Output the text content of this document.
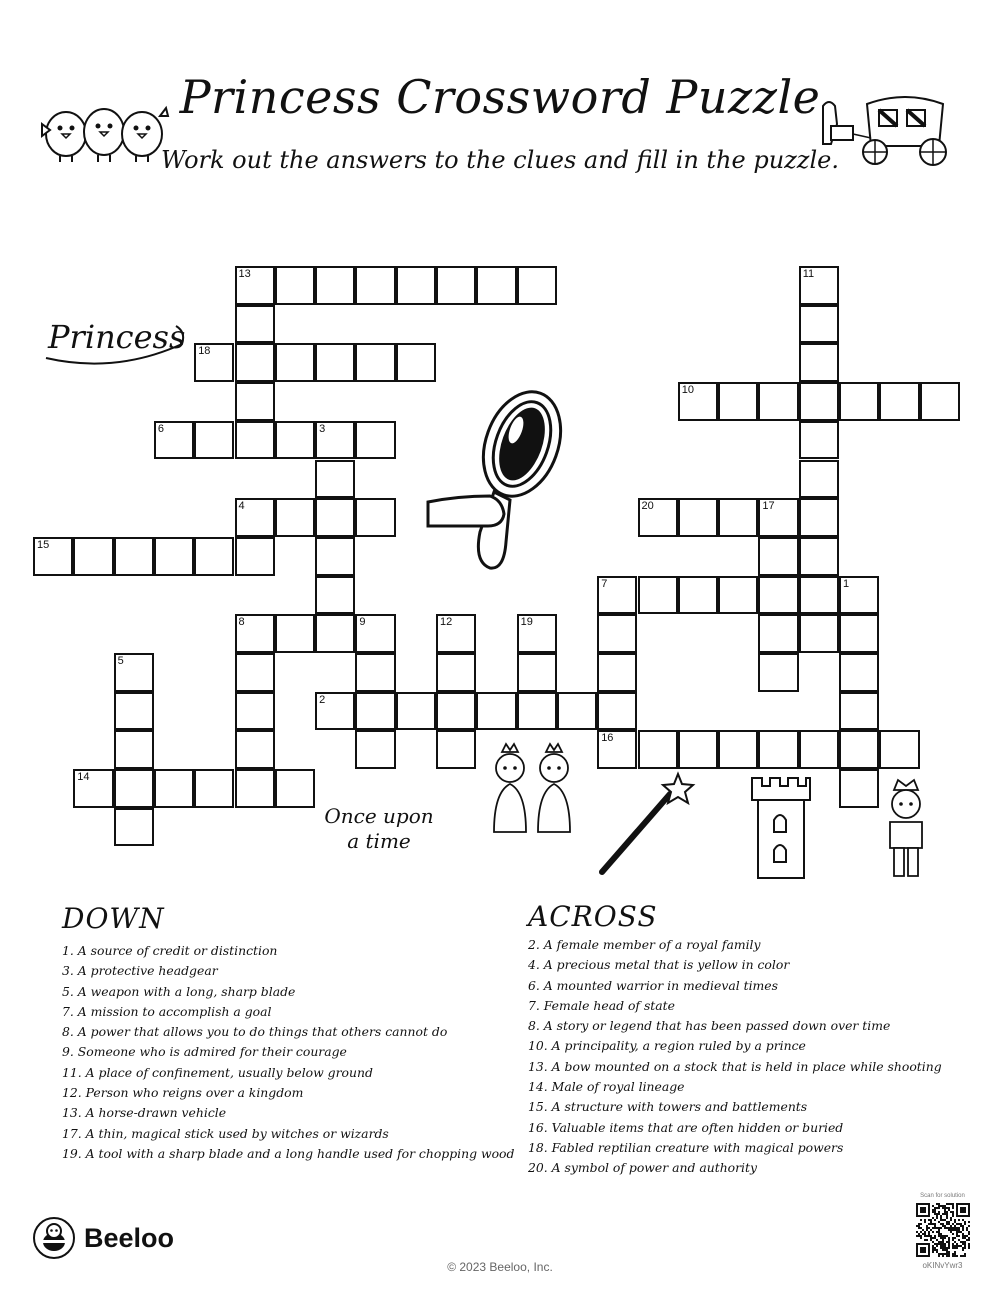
Princess Crossword Puzzle
Work out the answers to the clues and fill in the puzzle.
Princess
13	11
18
10
6	3
4	20	17
15
7	1
8	9	12	19
5
2
16
14
Once upon
a time
DOWN
1. A source of credit or distinction
3. A protective headgear
5. A weapon with a long, sharp blade
7. A mission to accomplish a goal
8. A power that allows you to do things that others cannot do
9. Someone who is admired for their courage
11. A place of confinement, usually below ground
12. Person who reigns over a kingdom
13. A horse-drawn vehicle
17. A thin, magical stick used by witches or wizards
19. A tool with a sharp blade and a long handle used for chopping wood
ACROSS
2. A female member of a royal family
4. A precious metal that is yellow in color
6. A mounted warrior in medieval times
7. Female head of state
8. A story or legend that has been passed down over time
10. A principality, a region ruled by a prince
13. A bow mounted on a stock that is held in place while shooting
14. Male of royal lineage
15. A structure with towers and battlements
16. Valuable items that are often hidden or buried
18. Fabled reptilian creature with magical powers
20. A symbol of power and authority
Beeloo
© 2023 Beeloo, Inc.
Scan for solution
oKINvYwr3
